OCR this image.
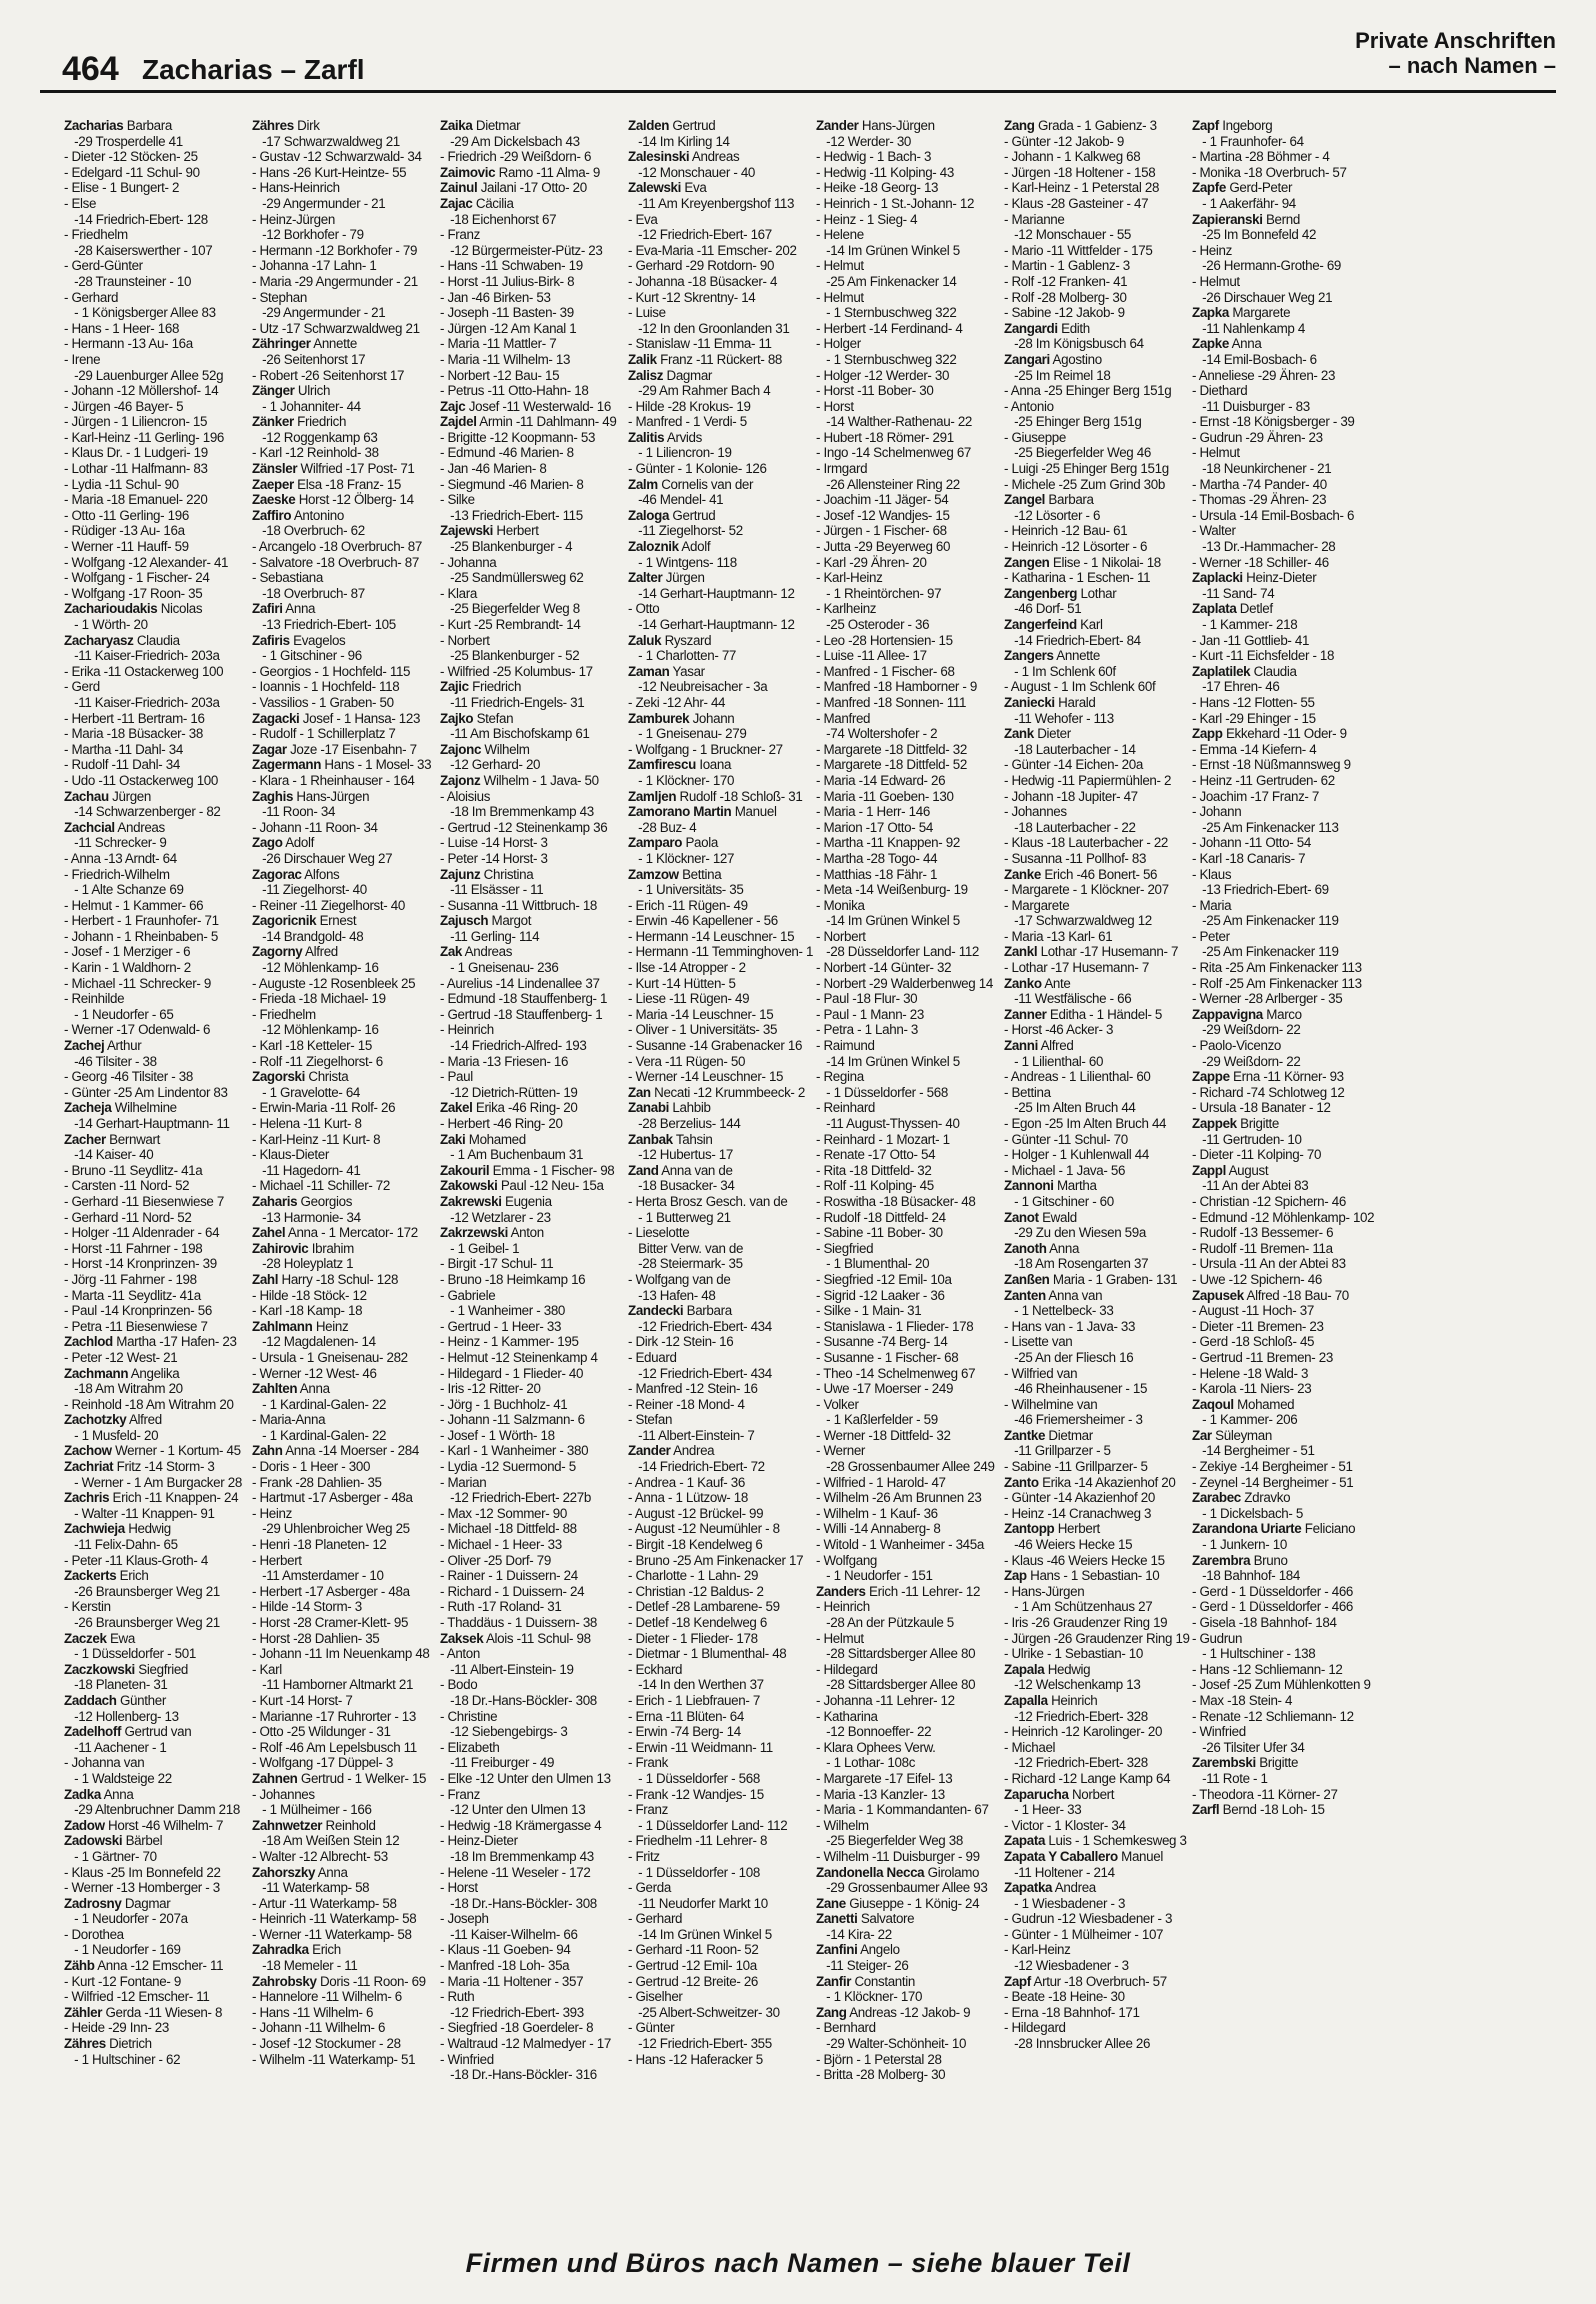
464 Zacharias – Zarfl
Private Anschriften
– nach Namen –
Zacharias Barbara
-29 Trosperdelle 41
- Dieter -12 Stöcken- 25
- Edelgard -11 Schul- 90
- Elise - 1 Bungert- 2
- Else
-14 Friedrich-Ebert- 128
- Friedhelm
-28 Kaiserswerther - 107
- Gerd-Günter
-28 Traunsteiner - 10
- Gerhard
- 1 Königsberger Allee 83
- Hans - 1 Heer- 168
- Hermann -13 Au- 16a
- Irene
-29 Lauenburger Allee 52g
- Johann -12 Möllershof- 14
- Jürgen -46 Bayer- 5
- Jürgen - 1 Liliencron- 15
- Karl-Heinz -11 Gerling- 196
- Klaus Dr. - 1 Ludgeri- 19
- Lothar -11 Halfmann- 83
- Lydia -11 Schul- 90
- Maria -18 Emanuel- 220
- Otto -11 Gerling- 196
- Rüdiger -13 Au- 16a
- Werner -11 Hauff- 59
- Wolfgang -12 Alexander- 41
- Wolfgang - 1 Fischer- 24
- Wolfgang -17 Roon- 35
Zacharioudakis Nicolas
- 1 Wörth- 20
Zacharyasz Claudia
-11 Kaiser-Friedrich- 203a
- Erika -11 Ostackerweg 100
- Gerd
-11 Kaiser-Friedrich- 203a
- Herbert -11 Bertram- 16
- Maria -18 Büsacker- 38
- Martha -11 Dahl- 34
- Rudolf -11 Dahl- 34
- Udo -11 Ostackerweg 100
Zachau Jürgen
-14 Schwarzenberger - 82
Zachcial Andreas
-11 Schrecker- 9
- Anna -13 Arndt- 64
- Friedrich-Wilhelm
- 1 Alte Schanze 69
- Helmut - 1 Kammer- 66
- Herbert - 1 Fraunhofer- 71
- Johann - 1 Rheinbaben- 5
- Josef - 1 Merziger - 6
- Karin - 1 Waldhorn- 2
- Michael -11 Schrecker- 9
- Reinhilde
- 1 Neudorfer - 65
- Werner -17 Odenwald- 6
Zachej Arthur
-46 Tilsiter - 38
- Georg -46 Tilsiter - 38
- Günter -25 Am Lindentor 83
Zacheja Wilhelmine
-14 Gerhart-Hauptmann- 11
Zacher Bernwart
-14 Kaiser- 40
- Bruno -11 Seydlitz- 41a
- Carsten -11 Nord- 52
- Gerhard -11 Biesenwiese 7
- Gerhard -11 Nord- 52
- Holger -11 Aldenrader - 64
- Horst -11 Fahrner - 198
- Horst -14 Kronprinzen- 39
- Jörg -11 Fahrner - 198
- Marta -11 Seydlitz- 41a
- Paul -14 Kronprinzen- 56
- Petra -11 Biesenwiese 7
Zachlod Martha -17 Hafen- 23
- Peter -12 West- 21
Zachmann Angelika
-18 Am Witrahm 20
- Reinhold -18 Am Witrahm 20
Zachotzky Alfred
- 1 Musfeld- 20
Zachow Werner - 1 Kortum- 45
Zachriat Fritz -14 Storm- 3
- Werner - 1 Am Burgacker 28
Zachris Erich -11 Knappen- 24
- Walter -11 Knappen- 91
Zachwieja Hedwig
-11 Felix-Dahn- 65
- Peter -11 Klaus-Groth- 4
Zackerts Erich
-26 Braunsberger Weg 21
- Kerstin
-26 Braunsberger Weg 21
Zaczek Ewa
- 1 Düsseldorfer - 501
Zaczkowski Siegfried
-18 Planeten- 31
Zaddach Günther
-12 Hollenberg- 13
Zadelhoff Gertrud van
-11 Aachener - 1
- Johanna van
- 1 Waldsteige 22
Zadka Anna
-29 Altenbruchner Damm 218
Zadow Horst -46 Wilhelm- 7
Zadowski Bärbel
- 1 Gärtner- 70
- Klaus -25 Im Bonnefeld 22
- Werner -13 Homberger - 3
Zadrosny Dagmar
- 1 Neudorfer - 207a
- Dorothea
- 1 Neudorfer - 169
Zähb Anna -12 Emscher- 11
- Kurt -12 Fontane- 9
- Wilfried -12 Emscher- 11
Zähler Gerda -11 Wiesen- 8
- Heide -29 Inn- 23
Zähres Dietrich
- 1 Hultschiner - 62
Zähres Dirk
-17 Schwarzwaldweg 21
- Gustav -12 Schwarzwald- 34
- Hans -26 Kurt-Heintze- 55
- Hans-Heinrich
-29 Angermunder - 21
- Heinz-Jürgen
-12 Borkhofer - 79
- Hermann -12 Borkhofer - 79
- Johanna -17 Lahn- 1
- Maria -29 Angermunder - 21
- Stephan
-29 Angermunder - 21
- Utz -17 Schwarzwaldweg 21
Zähringer Annette
-26 Seitenhorst 17
- Robert -26 Seitenhorst 17
Zänger Ulrich
- 1 Johanniter- 44
Zänker Friedrich
-12 Roggenkamp 63
- Karl -12 Reinhold- 38
Zänsler Wilfried -17 Post- 71
Zaeper Elsa -18 Franz- 15
Zaeske Horst -12 Ölberg- 14
Zaffiro Antonino
-18 Overbruch- 62
- Arcangelo -18 Overbruch- 87
- Salvatore -18 Overbruch- 87
- Sebastiana
-18 Overbruch- 87
Zafiri Anna
-13 Friedrich-Ebert- 105
Zafiris Evagelos
- 1 Gitschiner - 96
- Georgios - 1 Hochfeld- 115
- Ioannis - 1 Hochfeld- 118
- Vassilios - 1 Graben- 50
Zagacki Josef - 1 Hansa- 123
- Rudolf - 1 Schillerplatz 7
Zagar Joze -17 Eisenbahn- 7
Zagermann Hans - 1 Mosel- 33
- Klara - 1 Rheinhauser - 164
Zaghis Hans-Jürgen
-11 Roon- 34
- Johann -11 Roon- 34
Zago Adolf
-26 Dirschauer Weg 27
Zagorac Alfons
-11 Ziegelhorst- 40
- Reiner -11 Ziegelhorst- 40
Zagoricnik Ernest
-14 Brandgold- 48
Zagorny Alfred
-12 Möhlenkamp- 16
- Auguste -12 Rosenbleek 25
- Frieda -18 Michael- 19
- Friedhelm
-12 Möhlenkamp- 16
- Karl -18 Ketteler- 15
- Rolf -11 Ziegelhorst- 6
Zagorski Christa
- 1 Gravelotte- 64
- Erwin-Maria -11 Rolf- 26
- Helena -11 Kurt- 8
- Karl-Heinz -11 Kurt- 8
- Klaus-Dieter
-11 Hagedorn- 41
- Michael -11 Schiller- 72
Zaharis Georgios
-13 Harmonie- 34
Zahel Anna - 1 Mercator- 172
Zahirovic Ibrahim
-28 Holeyplatz 1
Zahl Harry -18 Schul- 128
- Hilde -18 Stöck- 12
- Karl -18 Kamp- 18
Zahlmann Heinz
-12 Magdalenen- 14
- Ursula - 1 Gneisenau- 282
- Werner -12 West- 46
Zahlten Anna
- 1 Kardinal-Galen- 22
- Maria-Anna
- 1 Kardinal-Galen- 22
Zahn Anna -14 Moerser - 284
- Doris - 1 Heer - 300
- Frank -28 Dahlien- 35
- Hartmut -17 Asberger - 48a
- Heinz
-29 Uhlenbroicher Weg 25
- Henri -18 Planeten- 12
- Herbert
-11 Amsterdamer - 10
- Herbert -17 Asberger - 48a
- Hilde -14 Storm- 3
- Horst -28 Cramer-Klett- 95
- Horst -28 Dahlien- 35
- Johann -11 Im Neuenkamp 48
- Karl
-11 Hamborner Altmarkt 21
- Kurt -14 Horst- 7
- Marianne -17 Ruhrorter - 13
- Otto -25 Wildunger - 31
- Rolf -46 Am Lepelsbusch 11
- Wolfgang -17 Düppel- 3
Zahnen Gertrud - 1 Welker- 15
- Johannes
- 1 Mülheimer - 166
Zahnwetzer Reinhold
-18 Am Weißen Stein 12
- Walter -12 Albrecht- 53
Zahorszky Anna
-11 Waterkamp- 58
- Artur -11 Waterkamp- 58
- Heinrich -11 Waterkamp- 58
- Werner -11 Waterkamp- 58
Zahradka Erich
-18 Memeler - 11
Zahrobsky Doris -11 Roon- 69
- Hannelore -11 Wilhelm- 6
- Hans -11 Wilhelm- 6
- Johann -11 Wilhelm- 6
- Josef -12 Stockumer - 28
- Wilhelm -11 Waterkamp- 51
Zaika Dietmar
-29 Am Dickelsbach 43
- Friedrich -29 Weißdorn- 6
Zaimovic Ramo -11 Alma- 9
Zainul Jailani -17 Otto- 20
Zajac Cäcilia
-18 Eichenhorst 67
- Franz
-12 Bürgermeister-Pütz- 23
- Hans -11 Schwaben- 19
- Horst -11 Julius-Birk- 8
- Jan -46 Birken- 53
- Joseph -11 Basten- 39
- Jürgen -12 Am Kanal 1
- Maria -11 Mattler- 7
- Maria -11 Wilhelm- 13
- Norbert -12 Bau- 15
- Petrus -11 Otto-Hahn- 18
Zajc Josef -11 Westerwald- 16
Zajdel Armin -11 Dahlmann- 49
- Brigitte -12 Koopmann- 53
- Edmund -46 Marien- 8
- Jan -46 Marien- 8
- Siegmund -46 Marien- 8
- Silke
-13 Friedrich-Ebert- 115
Zajewski Herbert
-25 Blankenburger - 4
- Johanna
-25 Sandmüllersweg 62
- Klara
-25 Biegerfelder Weg 8
- Kurt -25 Rembrandt- 14
- Norbert
-25 Blankenburger - 52
- Wilfried -25 Kolumbus- 17
Zajic Friedrich
-11 Friedrich-Engels- 31
Zajko Stefan
-11 Am Bischofskamp 61
Zajonc Wilhelm
-12 Gerhard- 20
Zajonz Wilhelm - 1 Java- 50
- Aloisius
-18 Im Bremmenkamp 43
- Gertrud -12 Steinenkamp 36
- Luise -14 Horst- 3
- Peter -14 Horst- 3
Zajunz Christina
-11 Elsässer - 11
- Susanna -11 Wittbruch- 18
Zajusch Margot
-11 Gerling- 114
Zak Andreas
- 1 Gneisenau- 236
- Aurelius -14 Lindenallee 37
- Edmund -18 Stauffenberg- 1
- Gertrud -18 Stauffenberg- 1
- Heinrich
-14 Friedrich-Alfred- 193
- Maria -13 Friesen- 16
- Paul
-12 Dietrich-Rütten- 19
Zakel Erika -46 Ring- 20
- Herbert -46 Ring- 20
Zaki Mohamed
- 1 Am Buchenbaum 31
Zakouril Emma - 1 Fischer- 98
Zakowski Paul -12 Neu- 15a
Zakrewski Eugenia
-12 Wetzlarer - 23
Zakrzewski Anton
- 1 Geibel- 1
- Birgit -17 Schul- 11
- Bruno -18 Heimkamp 16
- Gabriele
- 1 Wanheimer - 380
- Gertrud - 1 Heer- 33
- Heinz - 1 Kammer- 195
- Helmut -12 Steinenkamp 4
- Hildegard - 1 Flieder- 40
- Iris -12 Ritter- 20
- Jörg - 1 Buchholz- 41
- Johann -11 Salzmann- 6
- Josef - 1 Wörth- 18
- Karl - 1 Wanheimer - 380
- Lydia -12 Suermond- 5
- Marian
-12 Friedrich-Ebert- 227b
- Max -12 Sommer- 90
- Michael -18 Dittfeld- 88
- Michael - 1 Heer- 33
- Oliver -25 Dorf- 79
- Rainer - 1 Duissern- 24
- Richard - 1 Duissern- 24
- Ruth -17 Roland- 31
- Thaddäus - 1 Duissern- 38
Zaksek Alois -11 Schul- 98
- Anton
-11 Albert-Einstein- 19
- Bodo
-18 Dr.-Hans-Böckler- 308
- Christine
-12 Siebengebirgs- 3
- Elizabeth
-11 Freiburger - 49
- Elke -12 Unter den Ulmen 13
- Franz
-12 Unter den Ulmen 13
- Hedwig -18 Krämergasse 4
- Heinz-Dieter
-18 Im Bremmenkamp 43
- Helene -11 Weseler - 172
- Horst
-18 Dr.-Hans-Böckler- 308
- Joseph
-11 Kaiser-Wilhelm- 66
- Klaus -11 Goeben- 94
- Manfred -18 Loh- 35a
- Maria -11 Holtener - 357
- Ruth
-12 Friedrich-Ebert- 393
- Siegfried -18 Goerdeler- 8
- Waltraud -12 Malmedyer - 17
- Winfried
-18 Dr.-Hans-Böckler- 316
Zalden Gertrud
-14 Im Kirling 14
Zalesinski Andreas
-12 Monschauer - 40
Zalewski Eva
-11 Am Kreyenbergshof 113
- Eva
-12 Friedrich-Ebert- 167
- Eva-Maria -11 Emscher- 202
- Gerhard -29 Rotdorn- 90
- Johanna -18 Büsacker- 4
- Kurt -12 Skrentny- 14
- Luise
-12 In den Groonlanden 31
- Stanislaw -11 Emma- 11
Zalik Franz -11 Rückert- 88
Zalisz Dagmar
-29 Am Rahmer Bach 4
- Hilde -28 Krokus- 19
- Manfred - 1 Verdi- 5
Zalitis Arvids
- 1 Liliencron- 19
- Günter - 1 Kolonie- 126
Zalm Cornelis van der
-46 Mendel- 41
Zaloga Gertrud
-11 Ziegelhorst- 52
Zaloznik Adolf
- 1 Wintgens- 118
Zalter Jürgen
-14 Gerhart-Hauptmann- 12
- Otto
-14 Gerhart-Hauptmann- 12
Zaluk Ryszard
- 1 Charlotten- 77
Zaman Yasar
-12 Neubreisacher - 3a
- Zeki -12 Ahr- 44
Zamburek Johann
- 1 Gneisenau- 279
- Wolfgang - 1 Bruckner- 27
Zamfirescu Ioana
- 1 Klöckner- 170
Zamljen Rudolf -18 Schloß- 31
Zamorano Martin Manuel
-28 Buz- 4
Zamparo Paola
- 1 Klöckner- 127
Zamzow Bettina
- 1 Universitäts- 35
- Erich -11 Rügen- 49
- Erwin -46 Kapellener - 56
- Hermann -14 Leuschner- 15
- Hermann -11 Temminghoven- 1
- Ilse -14 Atropper - 2
- Kurt -14 Hütten- 5
- Liese -11 Rügen- 49
- Maria -14 Leuschner- 15
- Oliver - 1 Universitäts- 35
- Susanne -14 Grabenacker 16
- Vera -11 Rügen- 50
- Werner -14 Leuschner- 15
Zan Necati -12 Krummbeeck- 2
Zanabi Lahbib
-28 Berzelius- 144
Zanbak Tahsin
-12 Hubertus- 17
Zand Anna van de
-18 Busacker- 34
- Herta Brosz Gesch. van de
- 1 Butterweg 21
- Lieselotte
Bitter Verw. van de
-28 Steiermark- 35
- Wolfgang van de
-13 Hafen- 48
Zandecki Barbara
-12 Friedrich-Ebert- 434
- Dirk -12 Stein- 16
- Eduard
-12 Friedrich-Ebert- 434
- Manfred -12 Stein- 16
- Reiner -18 Mond- 4
- Stefan
-11 Albert-Einstein- 7
Zander Andrea
-14 Friedrich-Ebert- 72
- Andrea - 1 Kauf- 36
- Anna - 1 Lützow- 18
- August -12 Brückel- 99
- August -12 Neumühler - 8
- Birgit -18 Kendelweg 6
- Bruno -25 Am Finkenacker 17
- Charlotte - 1 Lahn- 29
- Christian -12 Baldus- 2
- Detlef -28 Lambarene- 59
- Detlef -18 Kendelweg 6
- Dieter - 1 Flieder- 178
- Dietmar - 1 Blumenthal- 48
- Eckhard
-14 In den Werthen 37
- Erich - 1 Liebfrauen- 7
- Erna -11 Blüten- 64
- Erwin -74 Berg- 14
- Erwin -11 Weidmann- 11
- Frank
- 1 Düsseldorfer - 568
- Frank -12 Wandjes- 15
- Franz
- 1 Düsseldorfer Land- 112
- Friedhelm -11 Lehrer- 8
- Fritz
- 1 Düsseldorfer - 108
- Gerda
-11 Neudorfer Markt 10
- Gerhard
-14 Im Grünen Winkel 5
- Gerhard -11 Roon- 52
- Gertrud -12 Emil- 10a
- Gertrud -12 Breite- 26
- Giselher
-25 Albert-Schweitzer- 30
- Günter
-12 Friedrich-Ebert- 355
- Hans -12 Haferacker 5
Zander Hans-Jürgen
-12 Werder- 30
- Hedwig - 1 Bach- 3
- Hedwig -11 Kolping- 43
- Heike -18 Georg- 13
- Heinrich - 1 St.-Johann- 12
- Heinz - 1 Sieg- 4
- Helene
-14 Im Grünen Winkel 5
- Helmut
-25 Am Finkenacker 14
- Helmut
- 1 Sternbuschweg 322
- Herbert -14 Ferdinand- 4
- Holger
- 1 Sternbuschweg 322
- Holger -12 Werder- 30
- Horst -11 Bober- 30
- Horst
-14 Walther-Rathenau- 22
- Hubert -18 Römer- 291
- Ingo -14 Schelmenweg 67
- Irmgard
-26 Allensteiner Ring 22
- Joachim -11 Jäger- 54
- Josef -12 Wandjes- 15
- Jürgen - 1 Fischer- 68
- Jutta -29 Beyerweg 60
- Karl -29 Ähren- 20
- Karl-Heinz
- 1 Rheintörchen- 97
- Karlheinz
-25 Osteroder - 36
- Leo -28 Hortensien- 15
- Luise -11 Allee- 17
- Manfred - 1 Fischer- 68
- Manfred -18 Hamborner - 9
- Manfred -18 Sonnen- 111
- Manfred
-74 Woltershofer - 2
- Margarete -18 Dittfeld- 32
- Margarete -18 Dittfeld- 52
- Maria -14 Edward- 26
- Maria -11 Goeben- 130
- Maria - 1 Herr- 146
- Marion -17 Otto- 54
- Martha -11 Knappen- 92
- Martha -28 Togo- 44
- Matthias -18 Fähr- 1
- Meta -14 Weißenburg- 19
- Monika
-14 Im Grünen Winkel 5
- Norbert
-28 Düsseldorfer Land- 112
- Norbert -14 Günter- 32
- Norbert -29 Walderbenweg 14
- Paul -18 Flur- 30
- Paul - 1 Mann- 23
- Petra - 1 Lahn- 3
- Raimund
-14 Im Grünen Winkel 5
- Regina
- 1 Düsseldorfer - 568
- Reinhard
-11 August-Thyssen- 40
- Reinhard - 1 Mozart- 1
- Renate -17 Otto- 54
- Rita -18 Dittfeld- 32
- Rolf -11 Kolping- 45
- Roswitha -18 Büsacker- 48
- Rudolf -18 Dittfeld- 24
- Sabine -11 Bober- 30
- Siegfried
- 1 Blumenthal- 20
- Siegfried -12 Emil- 10a
- Sigrid -12 Laaker - 36
- Silke - 1 Main- 31
- Stanislawa - 1 Flieder- 178
- Susanne -74 Berg- 14
- Susanne - 1 Fischer- 68
- Theo -14 Schelmenweg 67
- Uwe -17 Moerser - 249
- Volker
- 1 Kaßlerfelder - 59
- Werner -18 Dittfeld- 32
- Werner
-28 Grossenbaumer Allee 249
- Wilfried - 1 Harold- 47
- Wilhelm -26 Am Brunnen 23
- Wilhelm - 1 Kauf- 36
- Willi -14 Annaberg- 8
- Witold - 1 Wanheimer - 345a
- Wolfgang
- 1 Neudorfer - 151
Zanders Erich -11 Lehrer- 12
- Heinrich
-28 An der Pützkaule 5
- Helmut
-28 Sittardsberger Allee 80
- Hildegard
-28 Sittardsberger Allee 80
- Johanna -11 Lehrer- 12
- Katharina
-12 Bonnoeffer- 22
- Klara Ophees Verw.
- 1 Lothar- 108c
- Margarete -17 Eifel- 13
- Maria -13 Kanzler- 13
- Maria - 1 Kommandanten- 67
- Wilhelm
-25 Biegerfelder Weg 38
- Wilhelm -11 Duisburger - 99
Zandonella Necca Girolamo
-29 Grossenbaumer Allee 93
Zane Giuseppe - 1 König- 24
Zanetti Salvatore
-14 Kira- 22
Zanfini Angelo
-11 Steiger- 26
Zanfir Constantin
- 1 Klöckner- 170
Zang Andreas -12 Jakob- 9
- Bernhard
-29 Walter-Schönheit- 10
- Björn - 1 Peterstal 28
- Britta -28 Molberg- 30
Zang Grada - 1 Gabienz- 3
- Günter -12 Jakob- 9
- Johann - 1 Kalkweg 68
- Jürgen -18 Holtener - 158
- Karl-Heinz - 1 Peterstal 28
- Klaus -28 Gasteiner - 47
- Marianne
-12 Monschauer - 55
- Mario -11 Wittfelder - 175
- Martin - 1 Gablenz- 3
- Rolf -12 Franken- 41
- Rolf -28 Molberg- 30
- Sabine -12 Jakob- 9
Zangardi Edith
-28 Im Königsbusch 64
Zangari Agostino
-25 Im Reimel 18
- Anna -25 Ehinger Berg 151g
- Antonio
-25 Ehinger Berg 151g
- Giuseppe
-25 Biegerfelder Weg 46
- Luigi -25 Ehinger Berg 151g
- Michele -25 Zum Grind 30b
Zangel Barbara
-12 Lösorter - 6
- Heinrich -12 Bau- 61
- Heinrich -12 Lösorter - 6
Zangen Elise - 1 Nikolai- 18
- Katharina - 1 Eschen- 11
Zangenberg Lothar
-46 Dorf- 51
Zangerfeind Karl
-14 Friedrich-Ebert- 84
Zangers Annette
- 1 Im Schlenk 60f
- August - 1 Im Schlenk 60f
Zaniecki Harald
-11 Wehofer - 113
Zank Dieter
-18 Lauterbacher - 14
- Günter -14 Eichen- 20a
- Hedwig -11 Papiermühlen- 2
- Johann -18 Jupiter- 47
- Johannes
-18 Lauterbacher - 22
- Klaus -18 Lauterbacher - 22
- Susanna -11 Pollhof- 83
Zanke Erich -46 Bonert- 56
- Margarete - 1 Klöckner- 207
- Margarete
-17 Schwarzwaldweg 12
- Maria -13 Karl- 61
Zankl Lothar -17 Husemann- 7
- Lothar -17 Husemann- 7
Zanko Ante
-11 Westfälische - 66
Zanner Editha - 1 Händel- 5
- Horst -46 Acker- 3
Zanni Alfred
- 1 Lilienthal- 60
- Andreas - 1 Lilienthal- 60
- Bettina
-25 Im Alten Bruch 44
- Egon -25 Im Alten Bruch 44
- Günter -11 Schul- 70
- Holger - 1 Kuhlenwall 44
- Michael - 1 Java- 56
Zannoni Martha
- 1 Gitschiner - 60
Zanot Ewald
-29 Zu den Wiesen 59a
Zanoth Anna
-18 Am Rosengarten 37
Zanßen Maria - 1 Graben- 131
Zanten Anna van
- 1 Nettelbeck- 33
- Hans van - 1 Java- 33
- Lisette van
-25 An der Fliesch 16
- Wilfried van
-46 Rheinhausener - 15
- Wilhelmine van
-46 Friemersheimer - 3
Zantke Dietmar
-11 Grillparzer - 5
- Sabine -11 Grillparzer- 5
Zanto Erika -14 Akazienhof 20
- Günter -14 Akazienhof 20
- Heinz -14 Cranachweg 3
Zantopp Herbert
-46 Weiers Hecke 15
- Klaus -46 Weiers Hecke 15
Zap Hans - 1 Sebastian- 10
- Hans-Jürgen
- 1 Am Schützenhaus 27
- Iris -26 Graudenzer Ring 19
- Jürgen -26 Graudenzer Ring 19
- Ulrike - 1 Sebastian- 10
Zapala Hedwig
-12 Welschenkamp 13
Zapalla Heinrich
-12 Friedrich-Ebert- 328
- Heinrich -12 Karolinger- 20
- Michael
-12 Friedrich-Ebert- 328
- Richard -12 Lange Kamp 64
Zaparucha Norbert
- 1 Heer- 33
- Victor - 1 Kloster- 34
Zapata Luis - 1 Schemkesweg 3
Zapata Y Caballero Manuel
-11 Holtener - 214
Zapatka Andrea
- 1 Wiesbadener - 3
- Gudrun -12 Wiesbadener - 3
- Günter - 1 Mülheimer - 107
- Karl-Heinz
-12 Wiesbadener - 3
Zapf Artur -18 Overbruch- 57
- Beate -18 Heine- 30
- Erna -18 Bahnhof- 171
- Hildegard
-28 Innsbrucker Allee 26
Zapf Ingeborg
- 1 Fraunhofer- 64
- Martina -28 Böhmer - 4
- Monika -18 Overbruch- 57
Zapfe Gerd-Peter
- 1 Aakerfähr- 94
Zapieranski Bernd
-25 Im Bonnefeld 42
- Heinz
-26 Hermann-Grothe- 69
- Helmut
-26 Dirschauer Weg 21
Zapka Margarete
-11 Nahlenkamp 4
Zapke Anna
-14 Emil-Bosbach- 6
- Anneliese -29 Ähren- 23
- Diethard
-11 Duisburger - 83
- Ernst -18 Königsberger - 39
- Gudrun -29 Ähren- 23
- Helmut
-18 Neunkirchener - 21
- Martha -74 Pander- 40
- Thomas -29 Ähren- 23
- Ursula -14 Emil-Bosbach- 6
- Walter
-13 Dr.-Hammacher- 28
- Werner -18 Schiller- 46
Zaplacki Heinz-Dieter
-11 Sand- 74
Zaplata Detlef
- 1 Kammer- 218
- Jan -11 Gottlieb- 41
- Kurt -11 Eichsfelder - 18
Zaplatilek Claudia
-17 Ehren- 46
- Hans -12 Flotten- 55
- Karl -29 Ehinger - 15
Zapp Ekkehard -11 Oder- 9
- Emma -14 Kiefern- 4
- Ernst -18 Nüßmannsweg 9
- Heinz -11 Gertruden- 62
- Joachim -17 Franz- 7
- Johann
-25 Am Finkenacker 113
- Johann -11 Otto- 54
- Karl -18 Canaris- 7
- Klaus
-13 Friedrich-Ebert- 69
- Maria
-25 Am Finkenacker 119
- Peter
-25 Am Finkenacker 119
- Rita -25 Am Finkenacker 113
- Rolf -25 Am Finkenacker 113
- Werner -28 Arlberger - 35
Zappavigna Marco
-29 Weißdorn- 22
- Paolo-Vicenzo
-29 Weißdorn- 22
Zappe Erna -11 Körner- 93
- Richard -74 Schlotweg 12
- Ursula -18 Banater - 12
Zappek Brigitte
-11 Gertruden- 10
- Dieter -11 Kolping- 70
Zappl August
-11 An der Abtei 83
- Christian -12 Spichern- 46
- Edmund -12 Möhlenkamp- 102
- Rudolf -13 Bessemer- 6
- Rudolf -11 Bremen- 11a
- Ursula -11 An der Abtei 83
- Uwe -12 Spichern- 46
Zapusek Alfred -18 Bau- 70
- August -11 Hoch- 37
- Dieter -11 Bremen- 23
- Gerd -18 Schloß- 45
- Gertrud -11 Bremen- 23
- Helene -18 Wald- 3
- Karola -11 Niers- 23
Zaqoul Mohamed
- 1 Kammer- 206
Zar Süleyman
-14 Bergheimer - 51
- Zekiye -14 Bergheimer - 51
- Zeynel -14 Bergheimer - 51
Zarabec Zdravko
- 1 Dickelsbach- 5
Zarandona Uriarte Feliciano
- 1 Junkern- 10
Zarembra Bruno
-18 Bahnhof- 184
- Gerd - 1 Düsseldorfer - 466
- Gerd - 1 Düsseldorfer - 466
- Gisela -18 Bahnhof- 184
- Gudrun
- 1 Hultschiner - 138
- Hans -12 Schliemann- 12
- Josef -25 Zum Mühlenkotten 9
- Max -18 Stein- 4
- Renate -12 Schliemann- 12
- Winfried
-26 Tilsiter Ufer 34
Zarembski Brigitte
-11 Rote - 1
- Theodora -11 Körner- 27
Zarfl Bernd -18 Loh- 15
Firmen und Büros nach Namen – siehe blauer Teil
